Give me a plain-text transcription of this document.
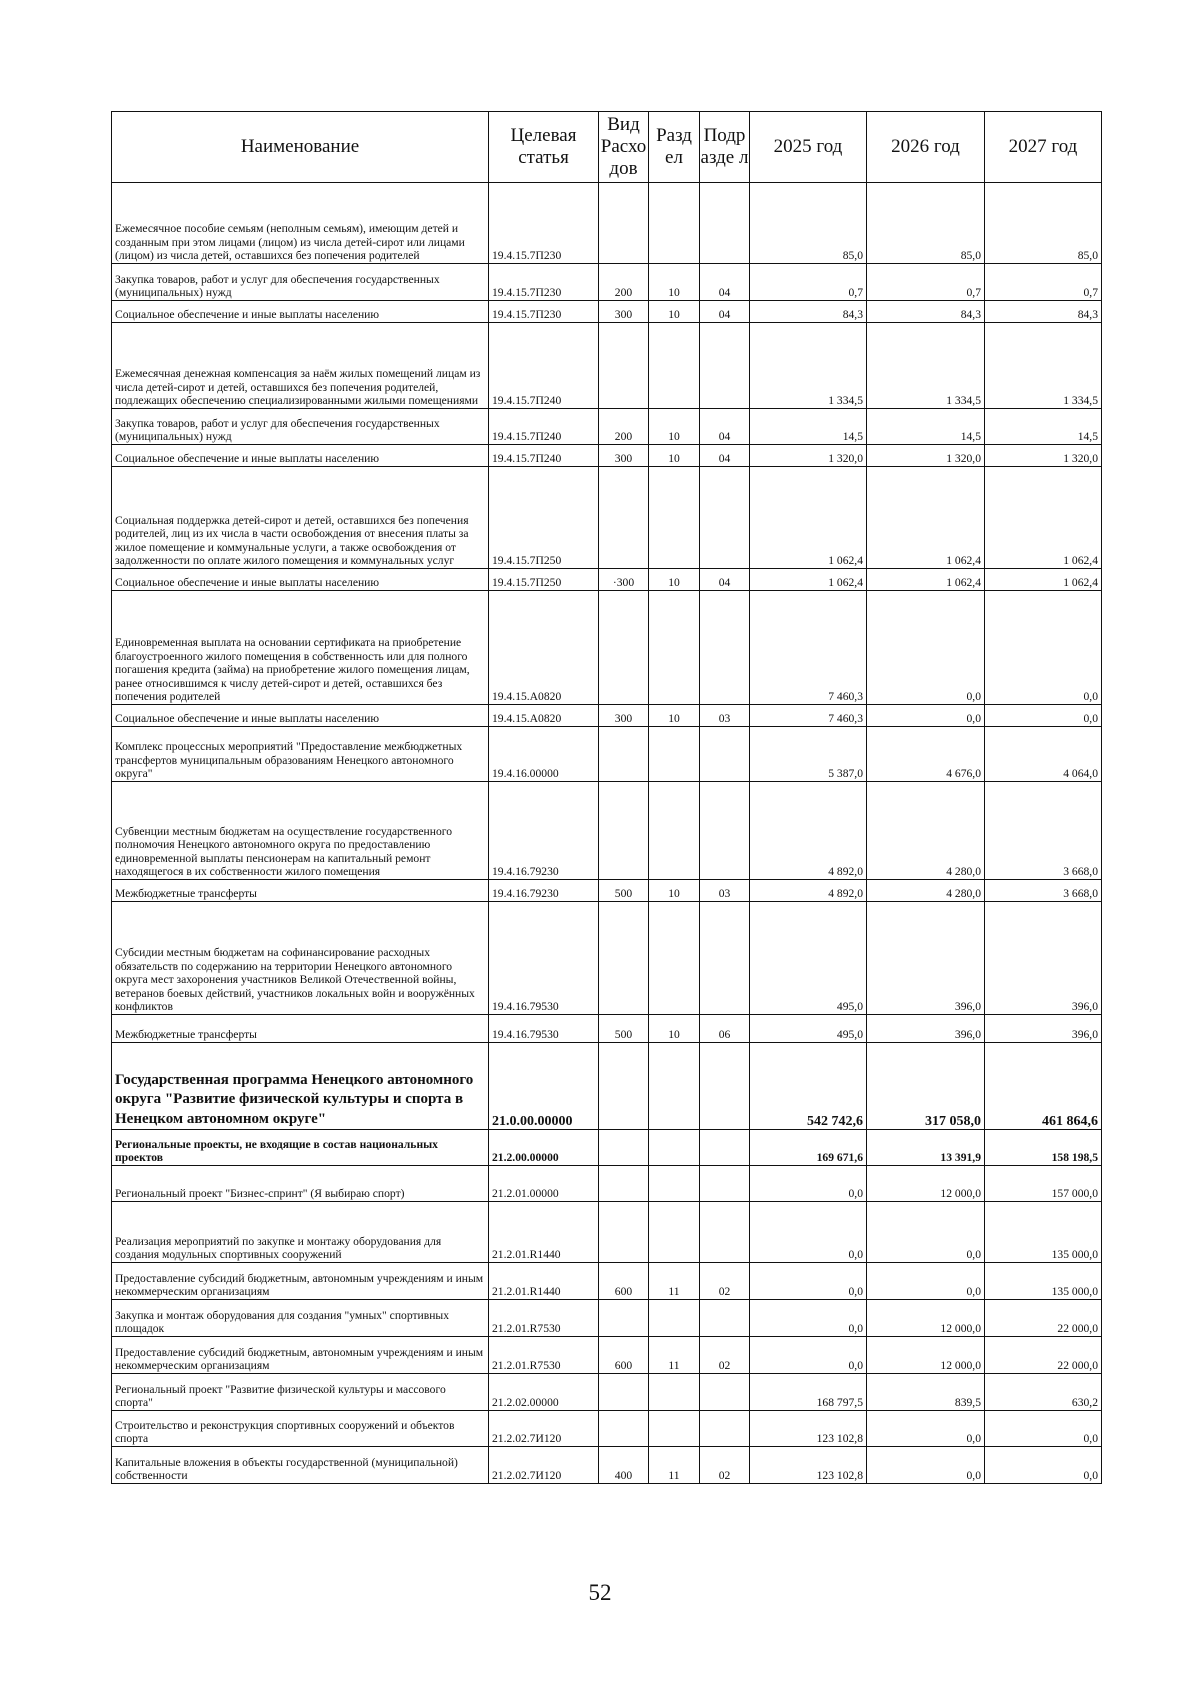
Наименование	Целевая статья	Вид Расхо дов	Разд ел	Подр азде л	2025 год	2026 год	2027 год
Ежемесячное пособие семьям (неполным семьям), имеющим детей и созданным при этом лицами (лицом) из числа детей-сирот или лицами (лицом) из числа детей, оставшихся без попечения родителей	19.4.15.7П230				85,0	85,0	85,0
Закупка товаров, работ и услуг для обеспечения государственных (муниципальных) нужд	19.4.15.7П230	200	10	04	0,7	0,7	0,7
Социальное обеспечение и иные выплаты населению	19.4.15.7П230	300	10	04	84,3	84,3	84,3
Ежемесячная денежная компенсация за наём жилых помещений лицам из числа детей-сирот и детей, оставшихся без попечения родителей, подлежащих обеспечению специализированными жилыми помещениями	19.4.15.7П240				1 334,5	1 334,5	1 334,5
Закупка товаров, работ и услуг для обеспечения государственных (муниципальных) нужд	19.4.15.7П240	200	10	04	14,5	14,5	14,5
Социальное обеспечение и иные выплаты населению	19.4.15.7П240	300	10	04	1 320,0	1 320,0	1 320,0
Социальная поддержка детей-сирот и детей, оставшихся без попечения родителей, лиц из их числа в части освобождения от внесения платы за жилое помещение и коммунальные услуги, а также освобождения от задолженности по оплате жилого помещения и коммунальных услуг	19.4.15.7П250				1 062,4	1 062,4	1 062,4
Социальное обеспечение и иные выплаты населению	19.4.15.7П250	·300	10	04	1 062,4	1 062,4	1 062,4
Единовременная выплата на основании сертификата на приобретение благоустроенного жилого помещения в собственность или для полного погашения кредита (займа) на приобретение жилого помещения лицам, ранее относившимся к числу детей-сирот и детей, оставшихся без попечения родителей	19.4.15.А0820				7 460,3	0,0	0,0
Социальное обеспечение и иные выплаты населению	19.4.15.А0820	300	10	03	7 460,3	0,0	0,0
Комплекс процессных мероприятий "Предоставление межбюджетных трансфертов муниципальным образованиям Ненецкого автономного округа"	19.4.16.00000				5 387,0	4 676,0	4 064,0
Субвенции местным бюджетам на осуществление государственного полномочия Ненецкого автономного округа по предоставлению единовременной выплаты пенсионерам на капитальный ремонт находящегося в их собственности жилого помещения	19.4.16.79230				4 892,0	4 280,0	3 668,0
Межбюджетные трансферты	19.4.16.79230	500	10	03	4 892,0	4 280,0	3 668,0
Субсидии местным бюджетам на софинансирование расходных обязательств по содержанию на территории Ненецкого автономного округа мест захоронения участников Великой Отечественной войны, ветеранов боевых действий, участников локальных войн и вооружённых конфликтов	19.4.16.79530				495,0	396,0	396,0
Межбюджетные трансферты	19.4.16.79530	500	10	06	495,0	396,0	396,0
Государственная программа Ненецкого автономного округа "Развитие физической культуры и спорта в Ненецком автономном округе"	21.0.00.00000				542 742,6	317 058,0	461 864,6
Региональные проекты, не входящие в состав национальных проектов	21.2.00.00000				169 671,6	13 391,9	158 198,5
Региональный проект "Бизнес-спринт" (Я выбираю спорт)	21.2.01.00000				0,0	12 000,0	157 000,0
Реализация мероприятий по закупке и монтажу оборудования для создания модульных спортивных сооружений	21.2.01.R1440				0,0	0,0	135 000,0
Предоставление субсидий бюджетным, автономным учреждениям и иным некоммерческим организациям	21.2.01.R1440	600	11	02	0,0	0,0	135 000,0
Закупка и монтаж оборудования для создания "умных" спортивных площадок	21.2.01.R7530				0,0	12 000,0	22 000,0
Предоставление субсидий бюджетным, автономным учреждениям и иным некоммерческим организациям	21.2.01.R7530	600	11	02	0,0	12 000,0	22 000,0
Региональный проект "Развитие физической культуры и массового спорта"	21.2.02.00000				168 797,5	839,5	630,2
Строительство и реконструкция спортивных сооружений и объектов спорта	21.2.02.7И120				123 102,8	0,0	0,0
Капитальные вложения в объекты государственной (муниципальной) собственности	21.2.02.7И120	400	11	02	123 102,8	0,0	0,0
52
